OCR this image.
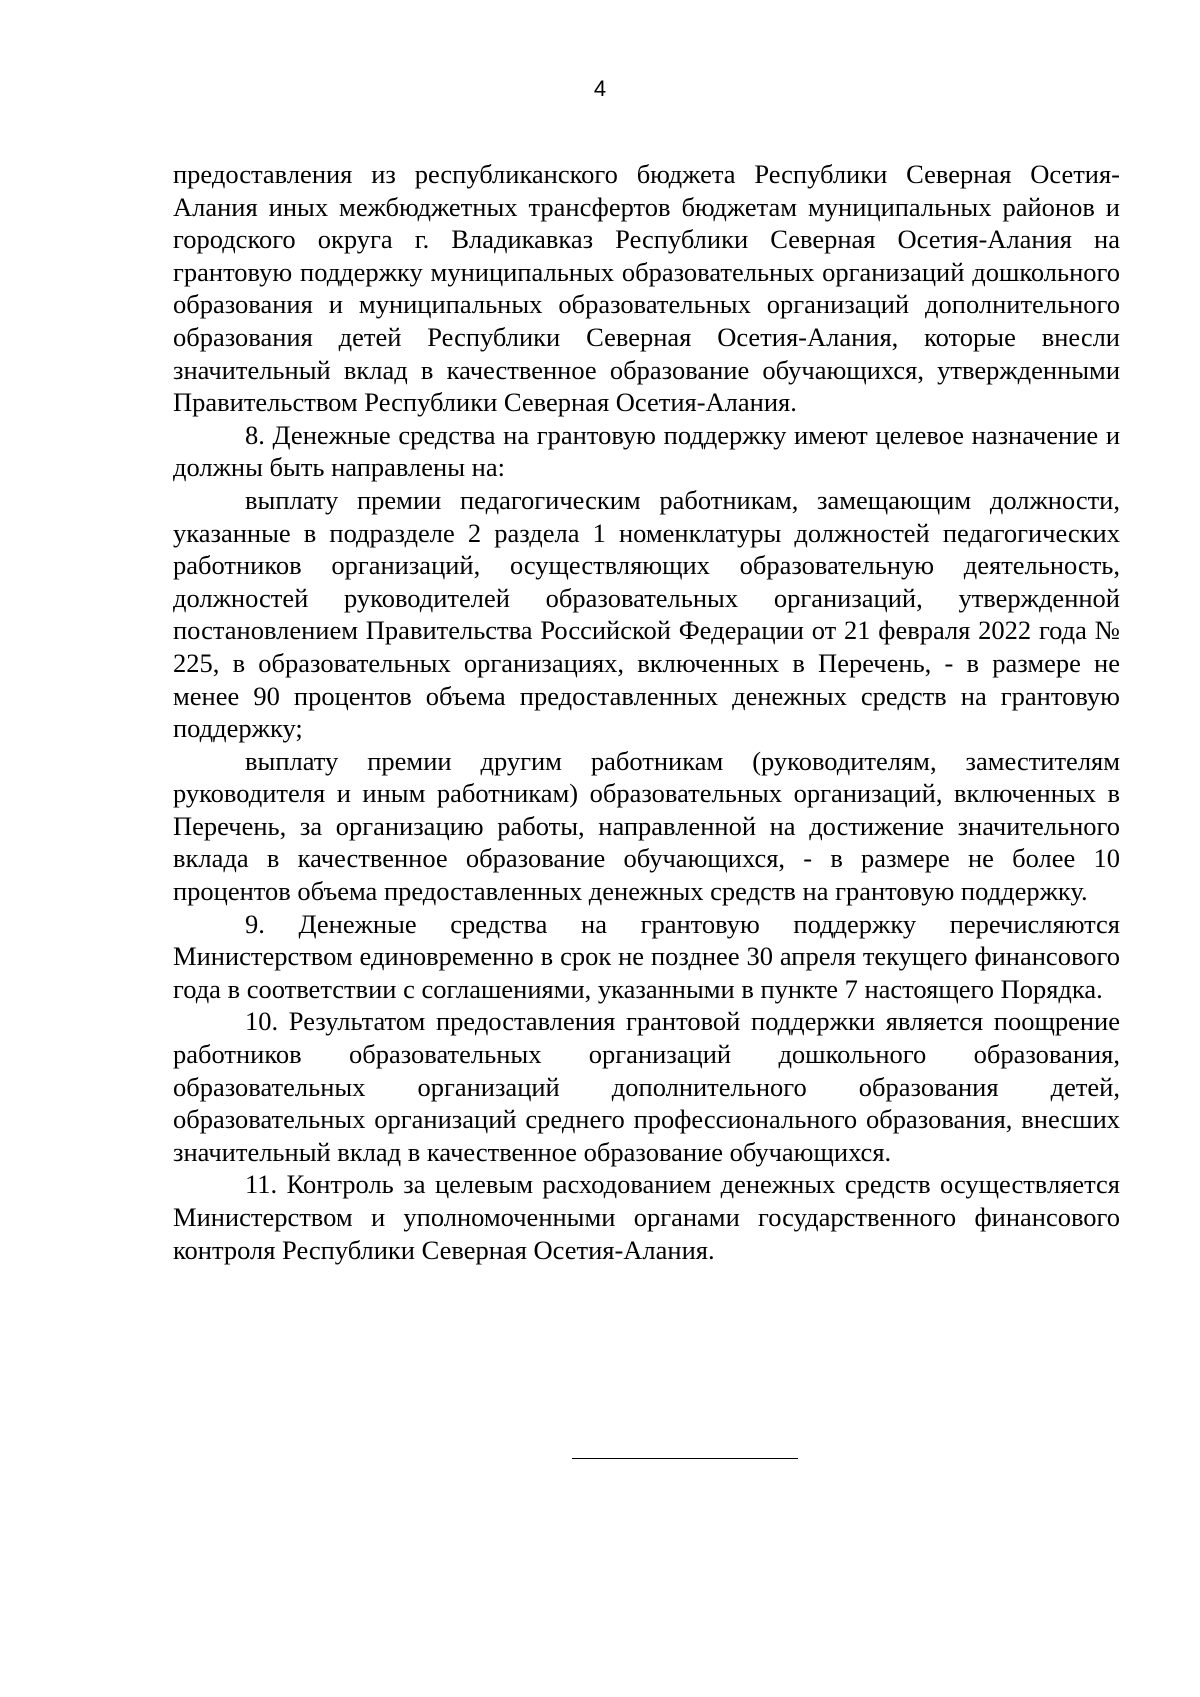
4

предоставления из республиканского бюджета Республики Северная Осетия-Алания иных межбюджетных трансфертов бюджетам муниципальных районов и городского округа г. Владикавказ Республики Северная Осетия-Алания на грантовую поддержку муниципальных образовательных организаций дошкольного образования и муниципальных образовательных организаций дополнительного образования детей Республики Северная Осетия-Алания, которые внесли значительный вклад в качественное образование обучающихся, утвержденными Правительством Республики Северная Осетия-Алания.

8. Денежные средства на грантовую поддержку имеют целевое назначение и должны быть направлены на:

выплату премии педагогическим работникам, замещающим должности, указанные в подразделе 2 раздела 1 номенклатуры должностей педагогических работников организаций, осуществляющих образовательную деятельность, должностей руководителей образовательных организаций, утвержденной постановлением Правительства Российской Федерации от 21 февраля 2022 года № 225, в образовательных организациях, включенных в Перечень, - в размере не менее 90 процентов объема предоставленных денежных средств на грантовую поддержку;

выплату премии другим работникам (руководителям, заместителям руководителя и иным работникам) образовательных организаций, включенных в Перечень, за организацию работы, направленной на достижение значительного вклада в качественное образование обучающихся, - в размере не более 10 процентов объема предоставленных денежных средств на грантовую поддержку.

9. Денежные средства на грантовую поддержку перечисляются Министерством единовременно в срок не позднее 30 апреля текущего финансового года в соответствии с соглашениями, указанными в пункте 7 настоящего Порядка.

10. Результатом предоставления грантовой поддержки является поощрение работников образовательных организаций дошкольного образования, образовательных организаций дополнительного образования детей, образовательных организаций среднего профессионального образования, внесших значительный вклад в качественное образование обучающихся.

11. Контроль за целевым расходованием денежных средств осуществляется Министерством и уполномоченными органами государственного финансового контроля Республики Северная Осетия-Алания.
